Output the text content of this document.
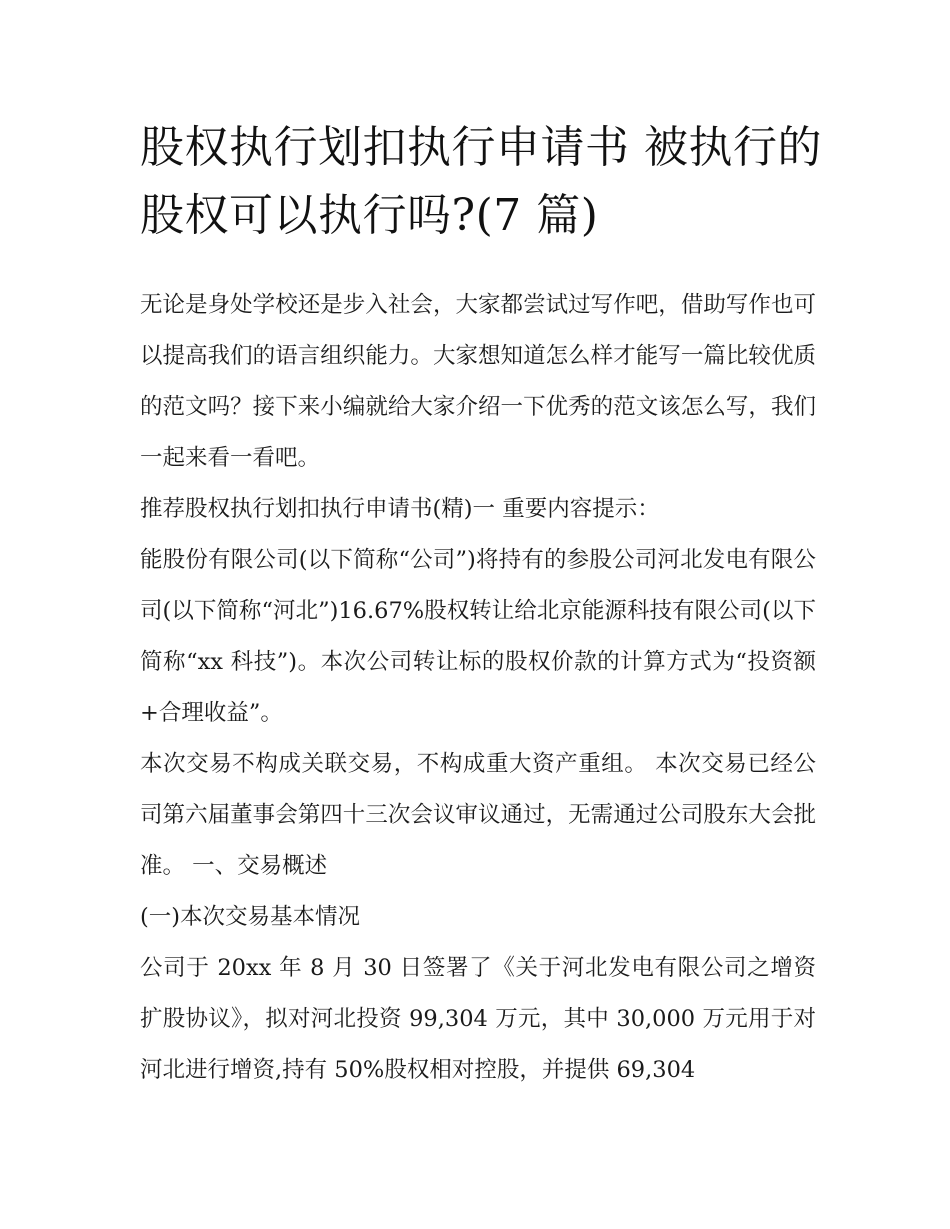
股权执行划扣执行申请书 被执行的股权可以执行吗?(7 篇)

无论是身处学校还是步入社会，大家都尝试过写作吧，借助写作也可以提高我们的语言组织能力。大家想知道怎么样才能写一篇比较优质的范文吗？接下来小编就给大家介绍一下优秀的范文该怎么写，我们一起来看一看吧。

推荐股权执行划扣执行申请书(精)一 重要内容提示：

能股份有限公司(以下简称“公司”)将持有的参股公司河北发电有限公司(以下简称“河北”)16.67%股权转让给北京能源科技有限公司(以下简称“xx 科技”)。本次公司转让标的股权价款的计算方式为“投资额+合理收益”。

本次交易不构成关联交易，不构成重大资产重组。 本次交易已经公司第六届董事会第四十三次会议审议通过，无需通过公司股东大会批准。 一、交易概述

(一)本次交易基本情况

公司于 20xx 年 8 月 30 日签署了《关于河北发电有限公司之增资扩股协议》，拟对河北投资 99,304 万元，其中 30,000 万元用于对河北进行增资,持有 50%股权相对控股，并提供 69,304
